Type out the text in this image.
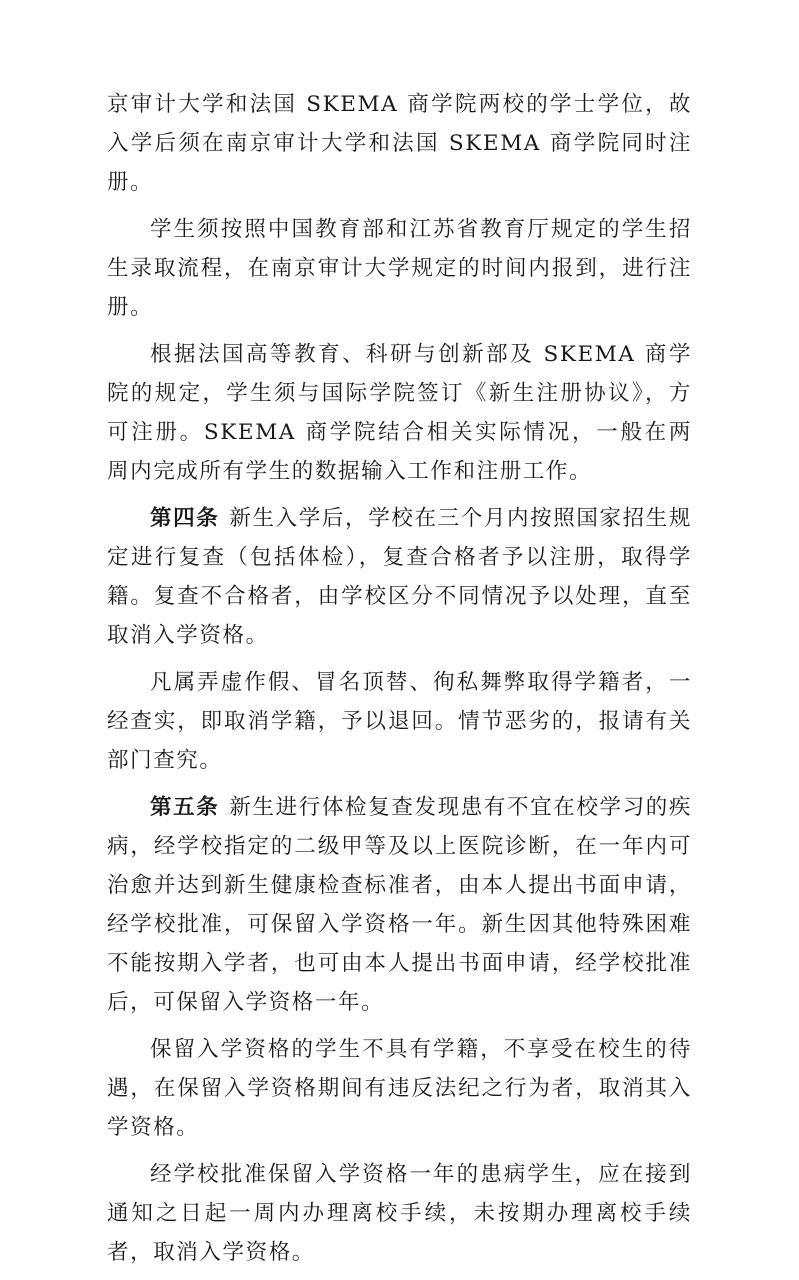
京审计大学和法国 SKEMA 商学院两校的学士学位，故入学后须在南京审计大学和法国 SKEMA 商学院同时注册。

学生须按照中国教育部和江苏省教育厅规定的学生招生录取流程，在南京审计大学规定的时间内报到，进行注册。

根据法国高等教育、科研与创新部及 SKEMA 商学院的规定，学生须与国际学院签订《新生注册协议》，方可注册。SKEMA 商学院结合相关实际情况，一般在两周内完成所有学生的数据输入工作和注册工作。

第四条 新生入学后，学校在三个月内按照国家招生规定进行复查（包括体检），复查合格者予以注册，取得学籍。复查不合格者，由学校区分不同情况予以处理，直至取消入学资格。

凡属弄虚作假、冒名顶替、徇私舞弊取得学籍者，一经查实，即取消学籍，予以退回。情节恶劣的，报请有关部门查究。

第五条 新生进行体检复查发现患有不宜在校学习的疾病，经学校指定的二级甲等及以上医院诊断，在一年内可治愈并达到新生健康检查标准者，由本人提出书面申请，经学校批准，可保留入学资格一年。新生因其他特殊困难不能按期入学者，也可由本人提出书面申请，经学校批准后，可保留入学资格一年。

保留入学资格的学生不具有学籍，不享受在校生的待遇，在保留入学资格期间有违反法纪之行为者，取消其入学资格。

经学校批准保留入学资格一年的患病学生，应在接到通知之日起一周内办理离校手续，未按期办理离校手续者，取消入学资格。
